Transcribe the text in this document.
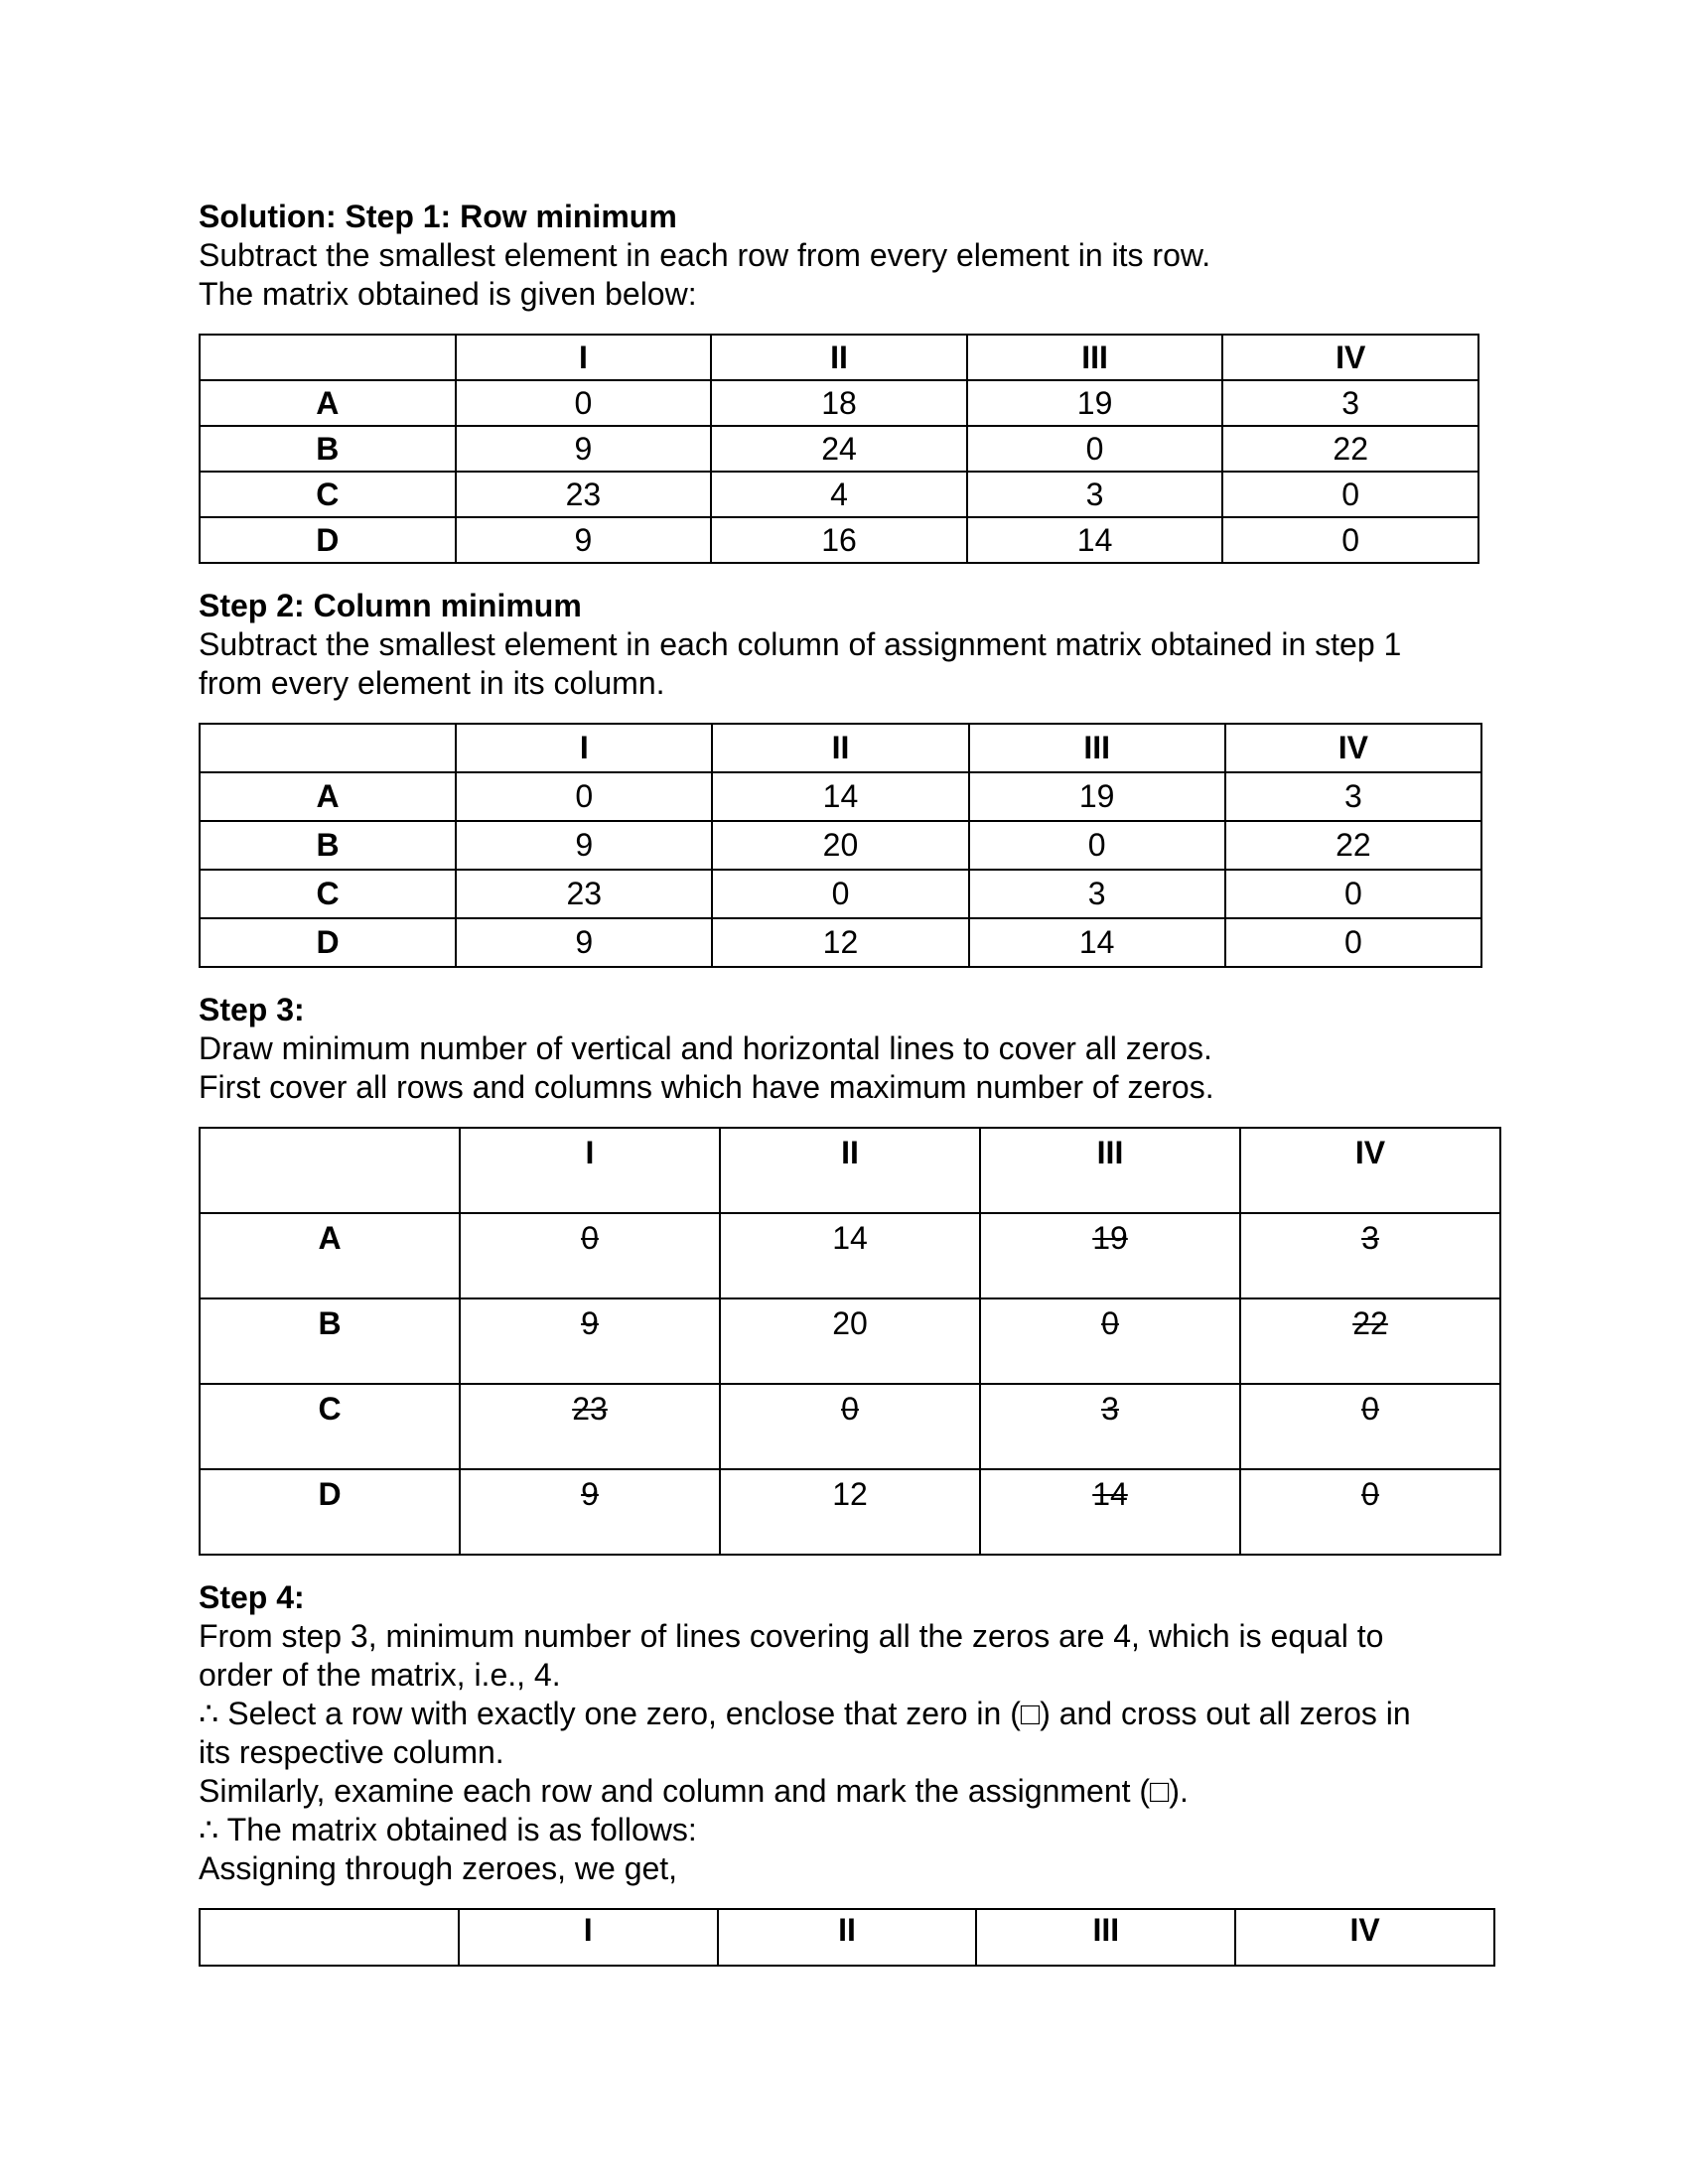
Solution: Step 1: Row minimum

Subtract the smallest element in each row from every element in its row.

The matrix obtained is given below:

	I	II	III	IV
A	0	18	19	3
B	9	24	0	22
C	23	4	3	0
D	9	16	14	0

Step 2: Column minimum

Subtract the smallest element in each column of assignment matrix obtained in step 1

from every element in its column.

	I	II	III	IV
A	0	14	19	3
B	9	20	0	22
C	23	0	3	0
D	9	12	14	0

Step 3:

Draw minimum number of vertical and horizontal lines to cover all zeros.

First cover all rows and columns which have maximum number of zeros.

	I	II	III	IV
A	0	14	19	3
B	9	20	0	22
C	23	0	3	0
D	9	12	14	0

Step 4:

From step 3, minimum number of lines covering all the zeros are 4, which is equal to

order of the matrix, i.e., 4.

∴ Select a row with exactly one zero, enclose that zero in (□) and cross out all zeros in

its respective column.

Similarly, examine each row and column and mark the assignment (□).

∴ The matrix obtained is as follows:

Assigning through zeroes, we get,

	I	II	III	IV
